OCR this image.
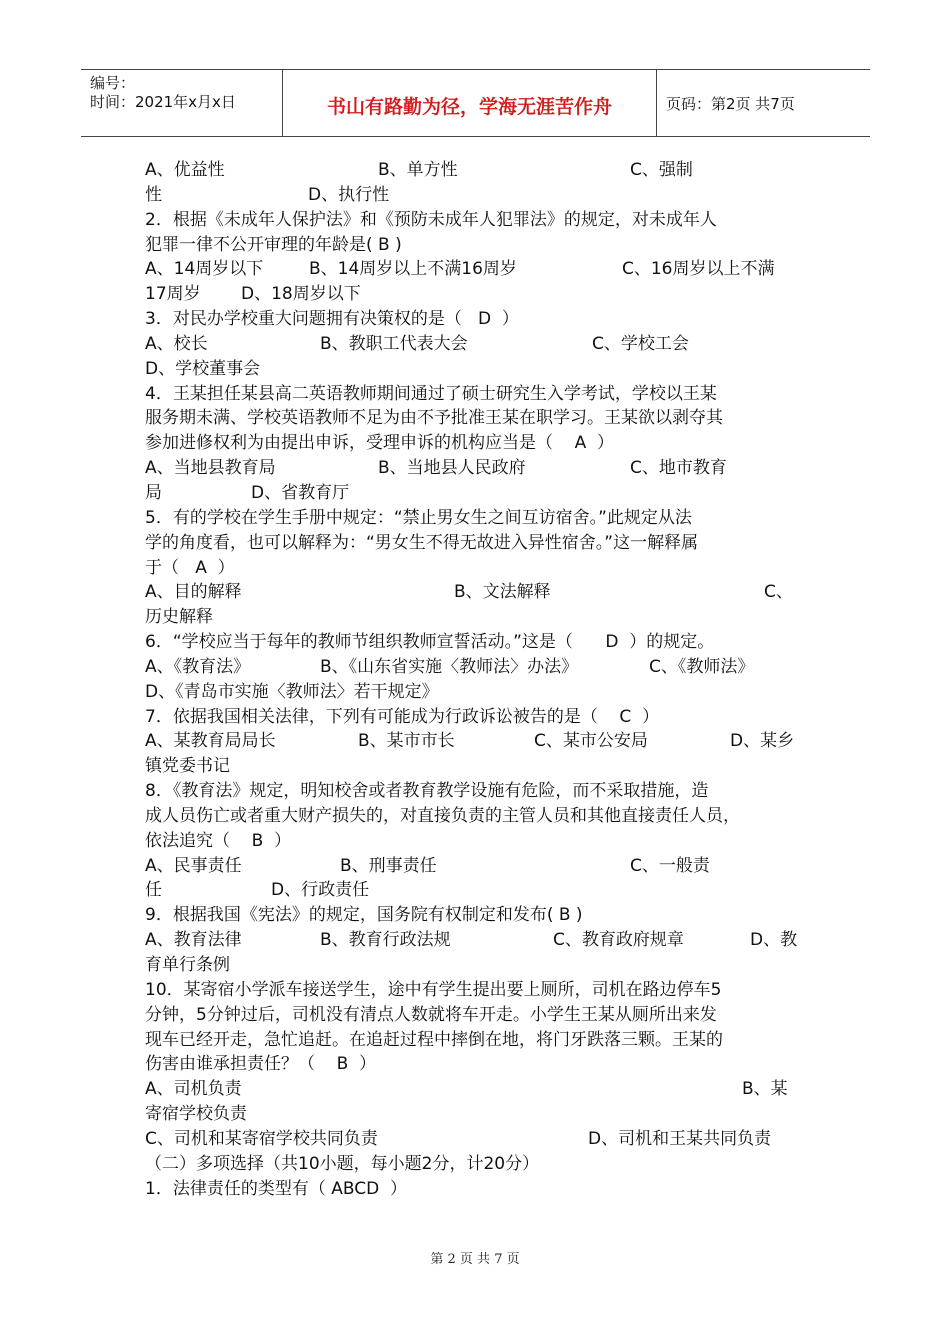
编号：
时间：2021年x月x日	书山有路勤为径，学海无涯苦作舟	页码：第2页 共7页
A、优益性	B、单方性	C、强制
性	D、执行性
2．根据《未成年人保护法》和《预防未成年人犯罪法》的规定，对未成年人
犯罪一律不公开审理的年龄是( B )
A、14周岁以下	B、14周岁以上不满16周岁	C、16周岁以上不满
17周岁 D、18周岁以下
3．对民办学校重大问题拥有决策权的是（   D  ）
A、校长	B、教职工代表大会	C、学校工会
D、学校董事会
4．王某担任某县高二英语教师期间通过了硕士研究生入学考试，学校以王某
服务期未满、学校英语教师不足为由不予批准王某在职学习。王某欲以剥夺其
参加进修权利为由提出申诉，受理申诉的机构应当是（    A  ）
A、当地县教育局	B、当地县人民政府	C、地市教育
局	D、省教育厅
5．有的学校在学生手册中规定：“禁止男女生之间互访宿舍。”此规定从法
学的角度看，也可以解释为：“男女生不得无故进入异性宿舍。”这一解释属
于（   A  ）
A、目的解释	B、文法解释	C、
历史解释
6．“学校应当于每年的教师节组织教师宣誓活动。”这是（      D  ）的规定。
A、《教育法》	B、《山东省实施〈教师法〉办法》	C、《教师法》
D、《青岛市实施〈教师法〉若干规定》
7．依据我国相关法律，下列有可能成为行政诉讼被告的是（    C  ）
A、某教育局局长	B、某市市长	C、某市公安局	D、某乡
镇党委书记
8．《教育法》规定，明知校舍或者教育教学设施有危险，而不采取措施，造
成人员伤亡或者重大财产损失的，对直接负责的主管人员和其他直接责任人员，
依法追究（    B  ）
A、民事责任	B、刑事责任	C、一般责
任	D、行政责任
9．根据我国《宪法》的规定，国务院有权制定和发布( B )
A、教育法律	B、教育行政法规	C、教育政府规章	D、教
育单行条例
10．某寄宿小学派车接送学生，途中有学生提出要上厕所，司机在路边停车5
分钟，5分钟过后，司机没有清点人数就将车开走。小学生王某从厕所出来发
现车已经开走，急忙追赶。在追赶过程中摔倒在地，将门牙跌落三颗。王某的
伤害由谁承担责任？（    B  ）
A、司机负责	B、某
寄宿学校负责
C、司机和某寄宿学校共同负责	D、司机和王某共同负责
（二）多项选择（共10小题，每小题2分，计20分）
1．法律责任的类型有（ ABCD  ）
第 2 页 共 7 页
